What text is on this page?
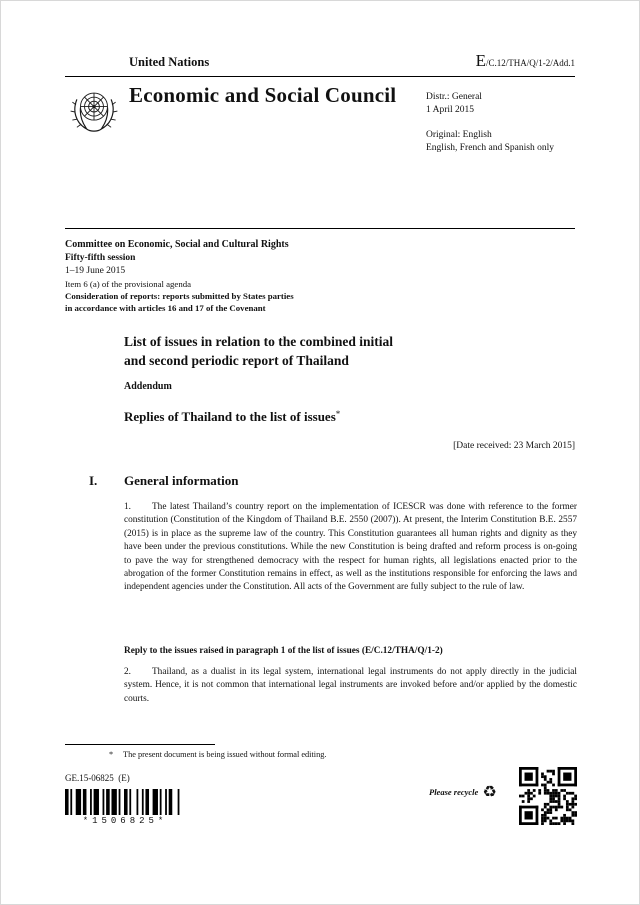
United Nations	E/C.12/THA/Q/1-2/Add.1
Economic and Social Council	Distr.: General
1 April 2015
Original: English
English, French and Spanish only
Committee on Economic, Social and Cultural Rights
Fifty-fifth session
1–19 June 2015
Item 6 (a) of the provisional agenda
Consideration of reports: reports submitted by States parties
in accordance with articles 16 and 17 of the Covenant
List of issues in relation to the combined initial
and second periodic report of Thailand
Addendum
Replies of Thailand to the list of issues*
[Date received: 23 March 2015]
I. General information
1. The latest Thailand’s country report on the implementation of ICESCR was done with reference to the former constitution (Constitution of the Kingdom of Thailand B.E. 2550 (2007)). At present, the Interim Constitution B.E. 2557 (2015) is in place as the supreme law of the country. This Constitution guarantees all human rights and dignity as they have been under the previous constitutions. While the new Constitution is being drafted and reform process is on-going to pave the way for strengthened democracy with the respect for human rights, all legislations enacted prior to the abrogation of the former Constitution remains in effect, as well as the institutions responsible for enforcing the laws and independent agencies under the Constitution. All acts of the Government are fully subject to the rule of law.
Reply to the issues raised in paragraph 1 of the list of issues (E/C.12/THA/Q/1-2)
2. Thailand, as a dualist in its legal system, international legal instruments do not apply directly in the judicial system. Hence, it is not common that international legal instruments are invoked before and/or applied by the domestic courts.
* The present document is being issued without formal editing.
GE.15-06825  (E)
*1506825*
Please recycle ♻
